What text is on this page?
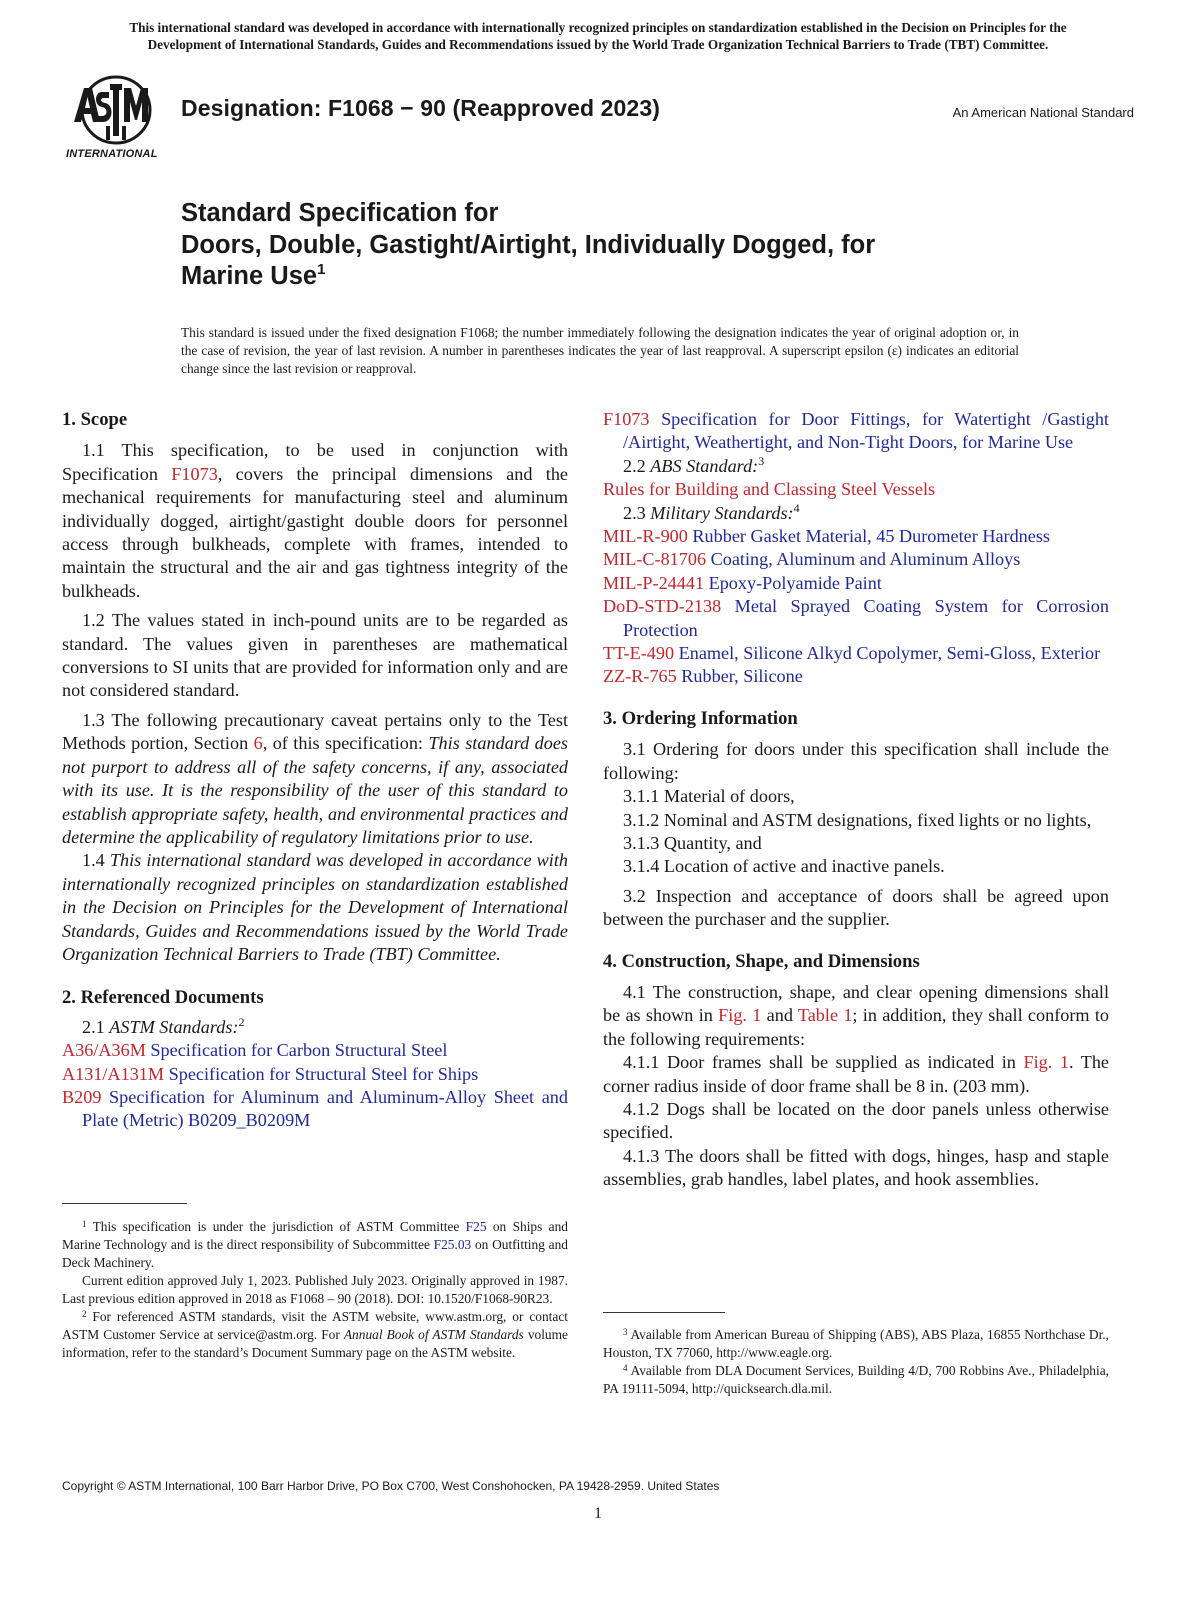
This international standard was developed in accordance with internationally recognized principles on standardization established in the Decision on Principles for the
Development of International Standards, Guides and Recommendations issued by the World Trade Organization Technical Barriers to Trade (TBT) Committee.
INTERNATIONAL
Designation: F1068 − 90 (Reapproved 2023)	An American National Standard
Standard Specification for
Doors, Double, Gastight/Airtight, Individually Dogged, for
Marine Use$^1$
This standard is issued under the fixed designation F1068; the number immediately following the designation indicates the year of original adoption or, in the case of revision, the year of last revision. A number in parentheses indicates the year of last reapproval. A superscript epsilon (ε) indicates an editorial change since the last revision or reapproval.

1. Scope

1.1 This specification, to be used in conjunction with Specification F1073, covers the principal dimensions and the mechanical requirements for manufacturing steel and aluminum individually dogged, airtight/gastight double doors for personnel access through bulkheads, complete with frames, intended to maintain the structural and the air and gas tightness integrity of the bulkheads.

1.2 The values stated in inch-pound units are to be regarded as standard. The values given in parentheses are mathematical conversions to SI units that are provided for information only and are not considered standard.

1.3 The following precautionary caveat pertains only to the Test Methods portion, Section 6, of this specification: This standard does not purport to address all of the safety concerns, if any, associated with its use. It is the responsibility of the user of this standard to establish appropriate safety, health, and environmental practices and determine the applicability of regulatory limitations prior to use.

1.4 This international standard was developed in accordance with internationally recognized principles on standardization established in the Decision on Principles for the Development of International Standards, Guides and Recommendations issued by the World Trade Organization Technical Barriers to Trade (TBT) Committee.

2. Referenced Documents

2.1 ASTM Standards:$^2$

A36/A36M Specification for Carbon Structural Steel

A131/A131M Specification for Structural Steel for Ships

B209 Specification for Aluminum and Aluminum-Alloy Sheet and Plate (Metric) B0209_B0209M

$^1$ This specification is under the jurisdiction of ASTM Committee F25 on Ships and Marine Technology and is the direct responsibility of Subcommittee F25.03 on Outfitting and Deck Machinery.

Current edition approved July 1, 2023. Published July 2023. Originally approved in 1987. Last previous edition approved in 2018 as F1068 – 90 (2018). DOI: 10.1520/F1068-90R23.

$^2$ For referenced ASTM standards, visit the ASTM website, www.astm.org, or contact ASTM Customer Service at service@astm.org. For Annual Book of ASTM Standards volume information, refer to the standard’s Document Summary page on the ASTM website.

F1073 Specification for Door Fittings, for Watertight /Gastight /Airtight, Weathertight, and Non-Tight Doors, for Marine Use

2.2 ABS Standard:$^3$

Rules for Building and Classing Steel Vessels

2.3 Military Standards:$^4$

MIL-R-900 Rubber Gasket Material, 45 Durometer Hardness

MIL-C-81706 Coating, Aluminum and Aluminum Alloys

MIL-P-24441 Epoxy-Polyamide Paint

DoD-STD-2138 Metal Sprayed Coating System for Corrosion Protection

TT-E-490 Enamel, Silicone Alkyd Copolymer, Semi-Gloss, Exterior

ZZ-R-765 Rubber, Silicone

3. Ordering Information

3.1 Ordering for doors under this specification shall include the following:

3.1.1 Material of doors,

3.1.2 Nominal and ASTM designations, fixed lights or no lights,

3.1.3 Quantity, and

3.1.4 Location of active and inactive panels.

3.2 Inspection and acceptance of doors shall be agreed upon between the purchaser and the supplier.

4. Construction, Shape, and Dimensions

4.1 The construction, shape, and clear opening dimensions shall be as shown in Fig. 1 and Table 1; in addition, they shall conform to the following requirements:

4.1.1 Door frames shall be supplied as indicated in Fig. 1. The corner radius inside of door frame shall be 8 in. (203 mm).

4.1.2 Dogs shall be located on the door panels unless otherwise specified.

4.1.3 The doors shall be fitted with dogs, hinges, hasp and staple assemblies, grab handles, label plates, and hook assemblies.

$^3$ Available from American Bureau of Shipping (ABS), ABS Plaza, 16855 Northchase Dr., Houston, TX 77060, http://www.eagle.org.

$^4$ Available from DLA Document Services, Building 4/D, 700 Robbins Ave., Philadelphia, PA 19111-5094, http://quicksearch.dla.mil.

Copyright © ASTM International, 100 Barr Harbor Drive, PO Box C700, West Conshohocken, PA 19428-2959. United States
1
